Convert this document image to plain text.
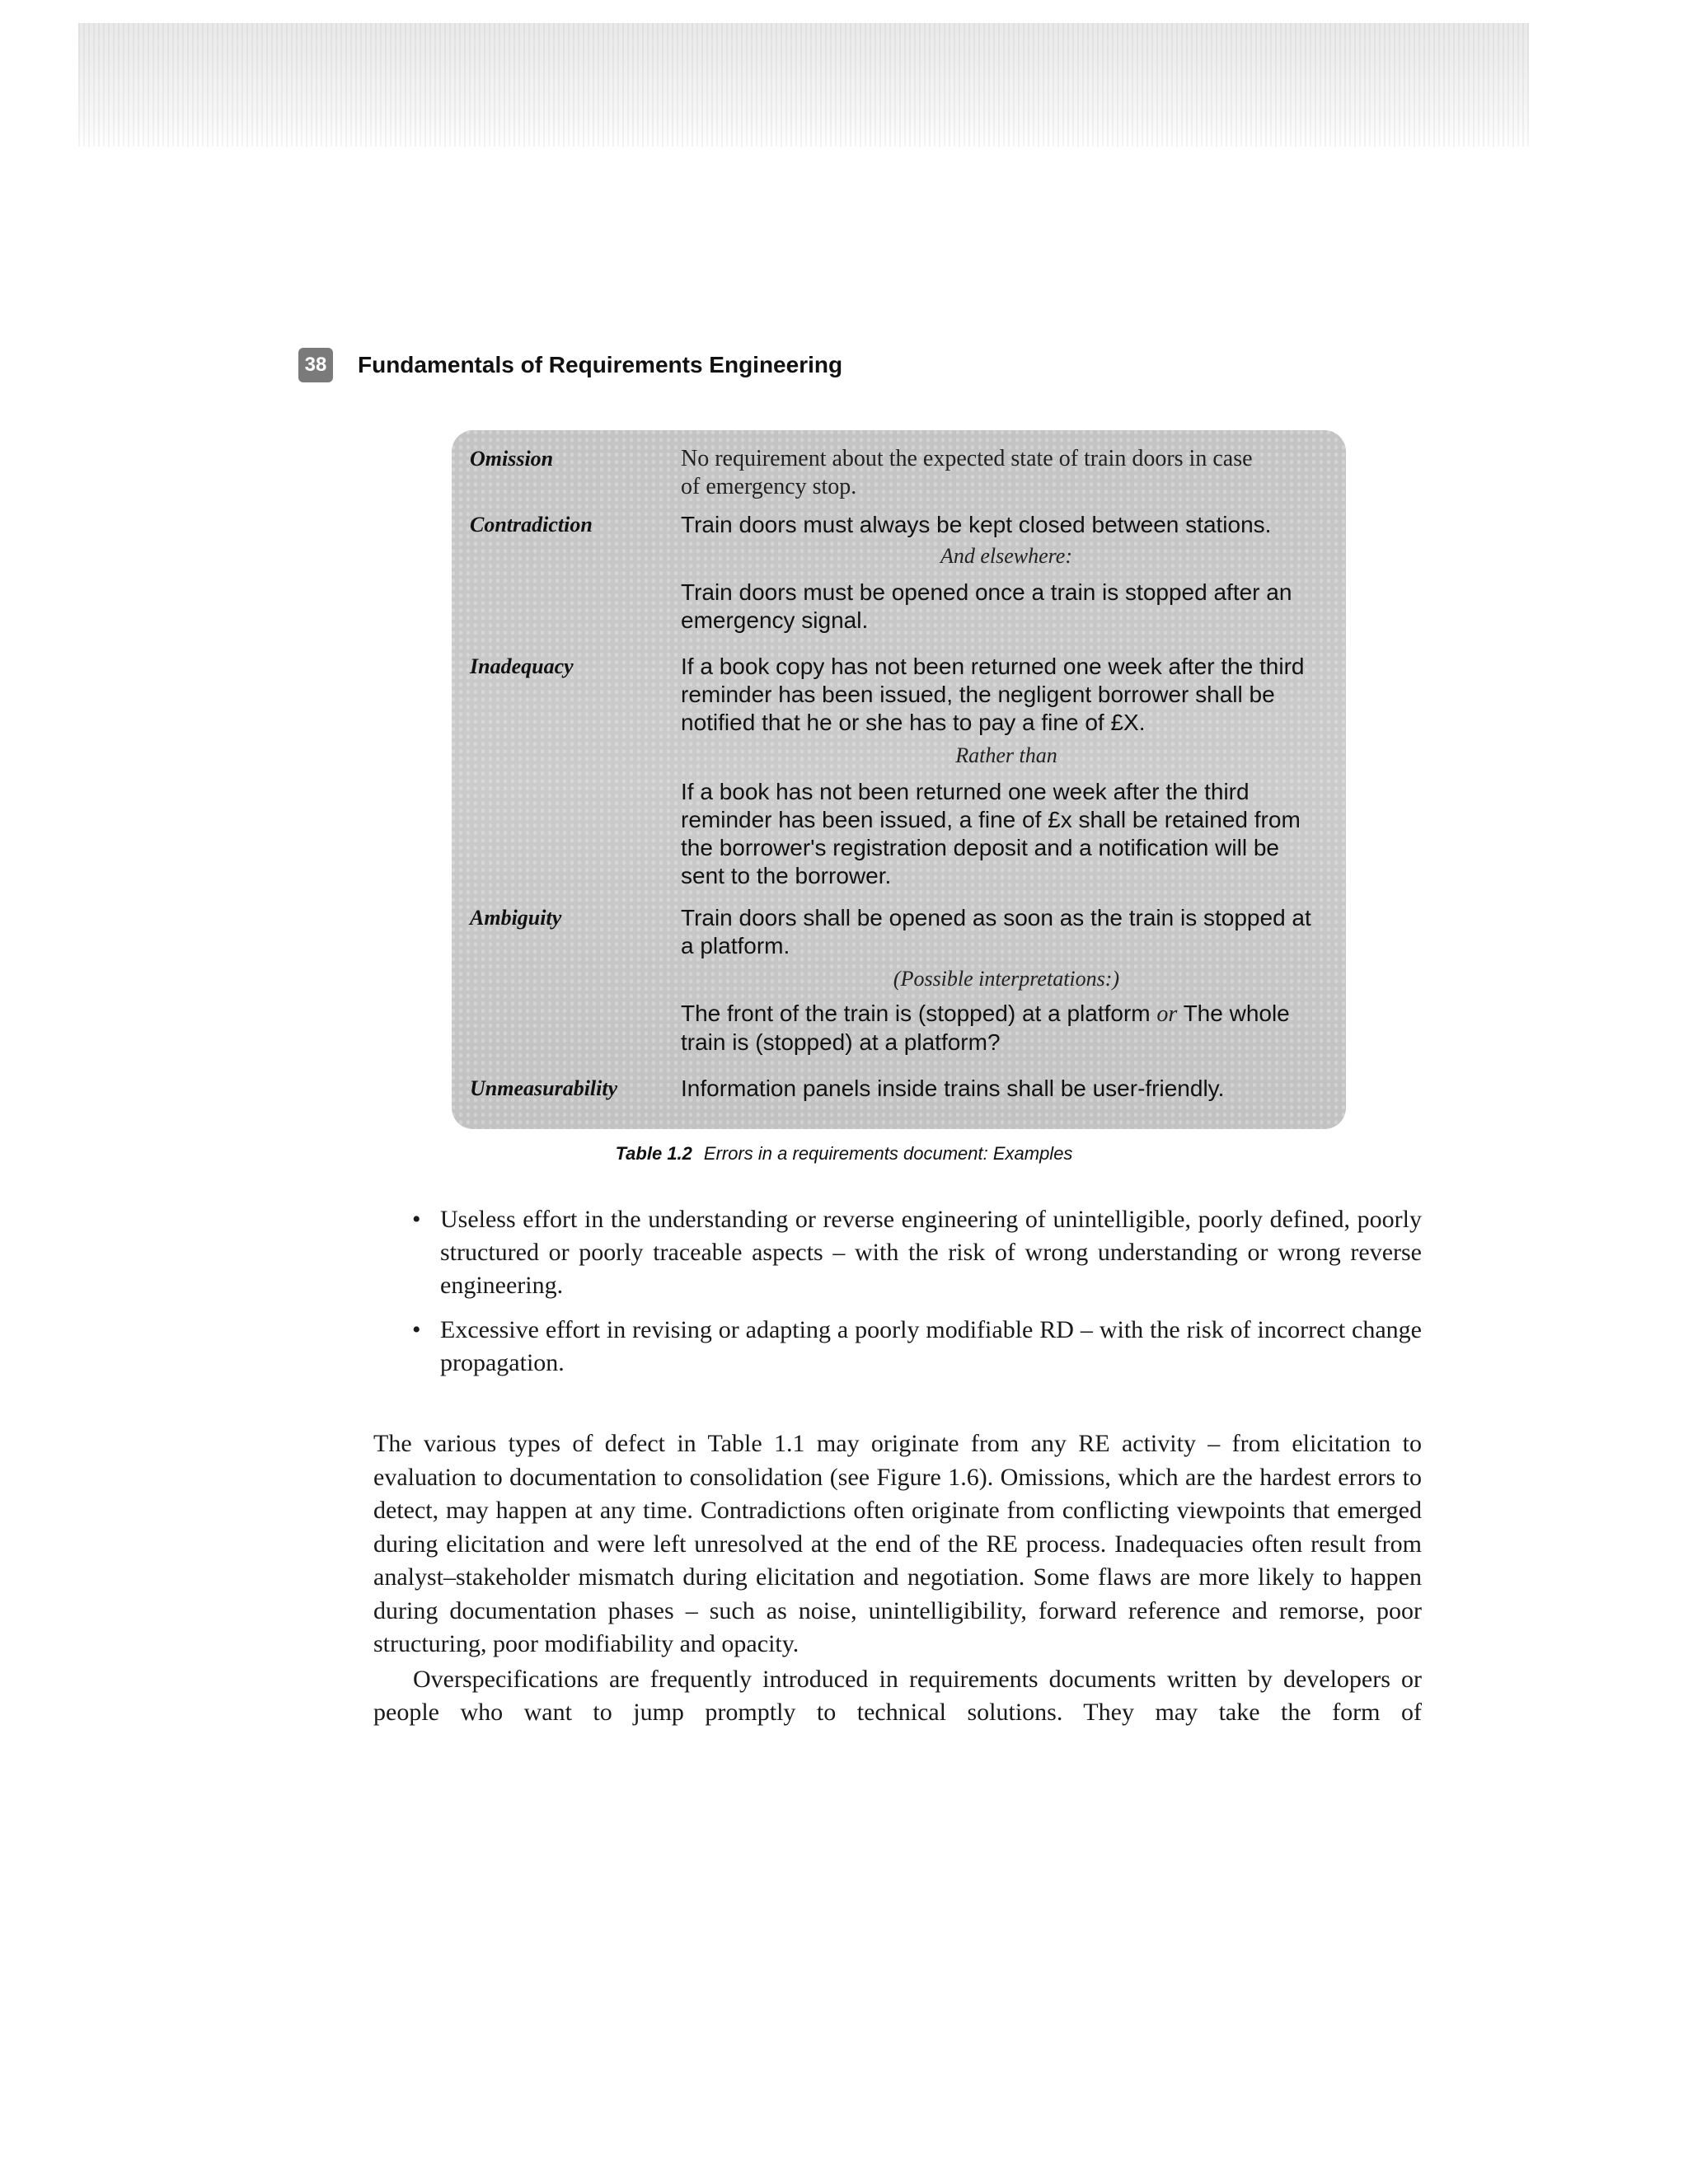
38 Fundamentals of Requirements Engineering
Omission	No requirement about the expected state of train doors in case
of emergency stop.
Contradiction	Train doors must always be kept closed between stations.
And elsewhere:
Train doors must be opened once a train is stopped after an
emergency signal.
Inadequacy	If a book copy has not been returned one week after the third
reminder has been issued, the negligent borrower shall be
notified that he or she has to pay a fine of £X.
Rather than
If a book has not been returned one week after the third
reminder has been issued, a fine of £x shall be retained from
the borrower's registration deposit and a notification will be
sent to the borrower.
Ambiguity	Train doors shall be opened as soon as the train is stopped at
a platform.
(Possible interpretations:)
The front of the train is (stopped) at a platform or The whole
train is (stopped) at a platform?
Unmeasurability	Information panels inside trains shall be user-friendly.
Table 1.2 Errors in a requirements document: Examples
• Useless effort in the understanding or reverse engineering of unintelligible, poorly defined, poorly structured or poorly traceable aspects – with the risk of wrong understanding or wrong reverse engineering.
• Excessive effort in revising or adapting a poorly modifiable RD – with the risk of incorrect change propagation.

The various types of defect in Table 1.1 may originate from any RE activity – from elicitation to evaluation to documentation to consolidation (see Figure 1.6). Omissions, which are the hardest errors to detect, may happen at any time. Contradictions often originate from conflicting viewpoints that emerged during elicitation and were left unresolved at the end of the RE process. Inadequacies often result from analyst–stakeholder mismatch during elicitation and negotiation. Some flaws are more likely to happen during documentation phases – such as noise, unintelligibility, forward reference and remorse, poor structuring, poor modifiability and opacity.

Overspecifications are frequently introduced in requirements documents written by developers or people who want to jump promptly to technical solutions. They may take the form of
